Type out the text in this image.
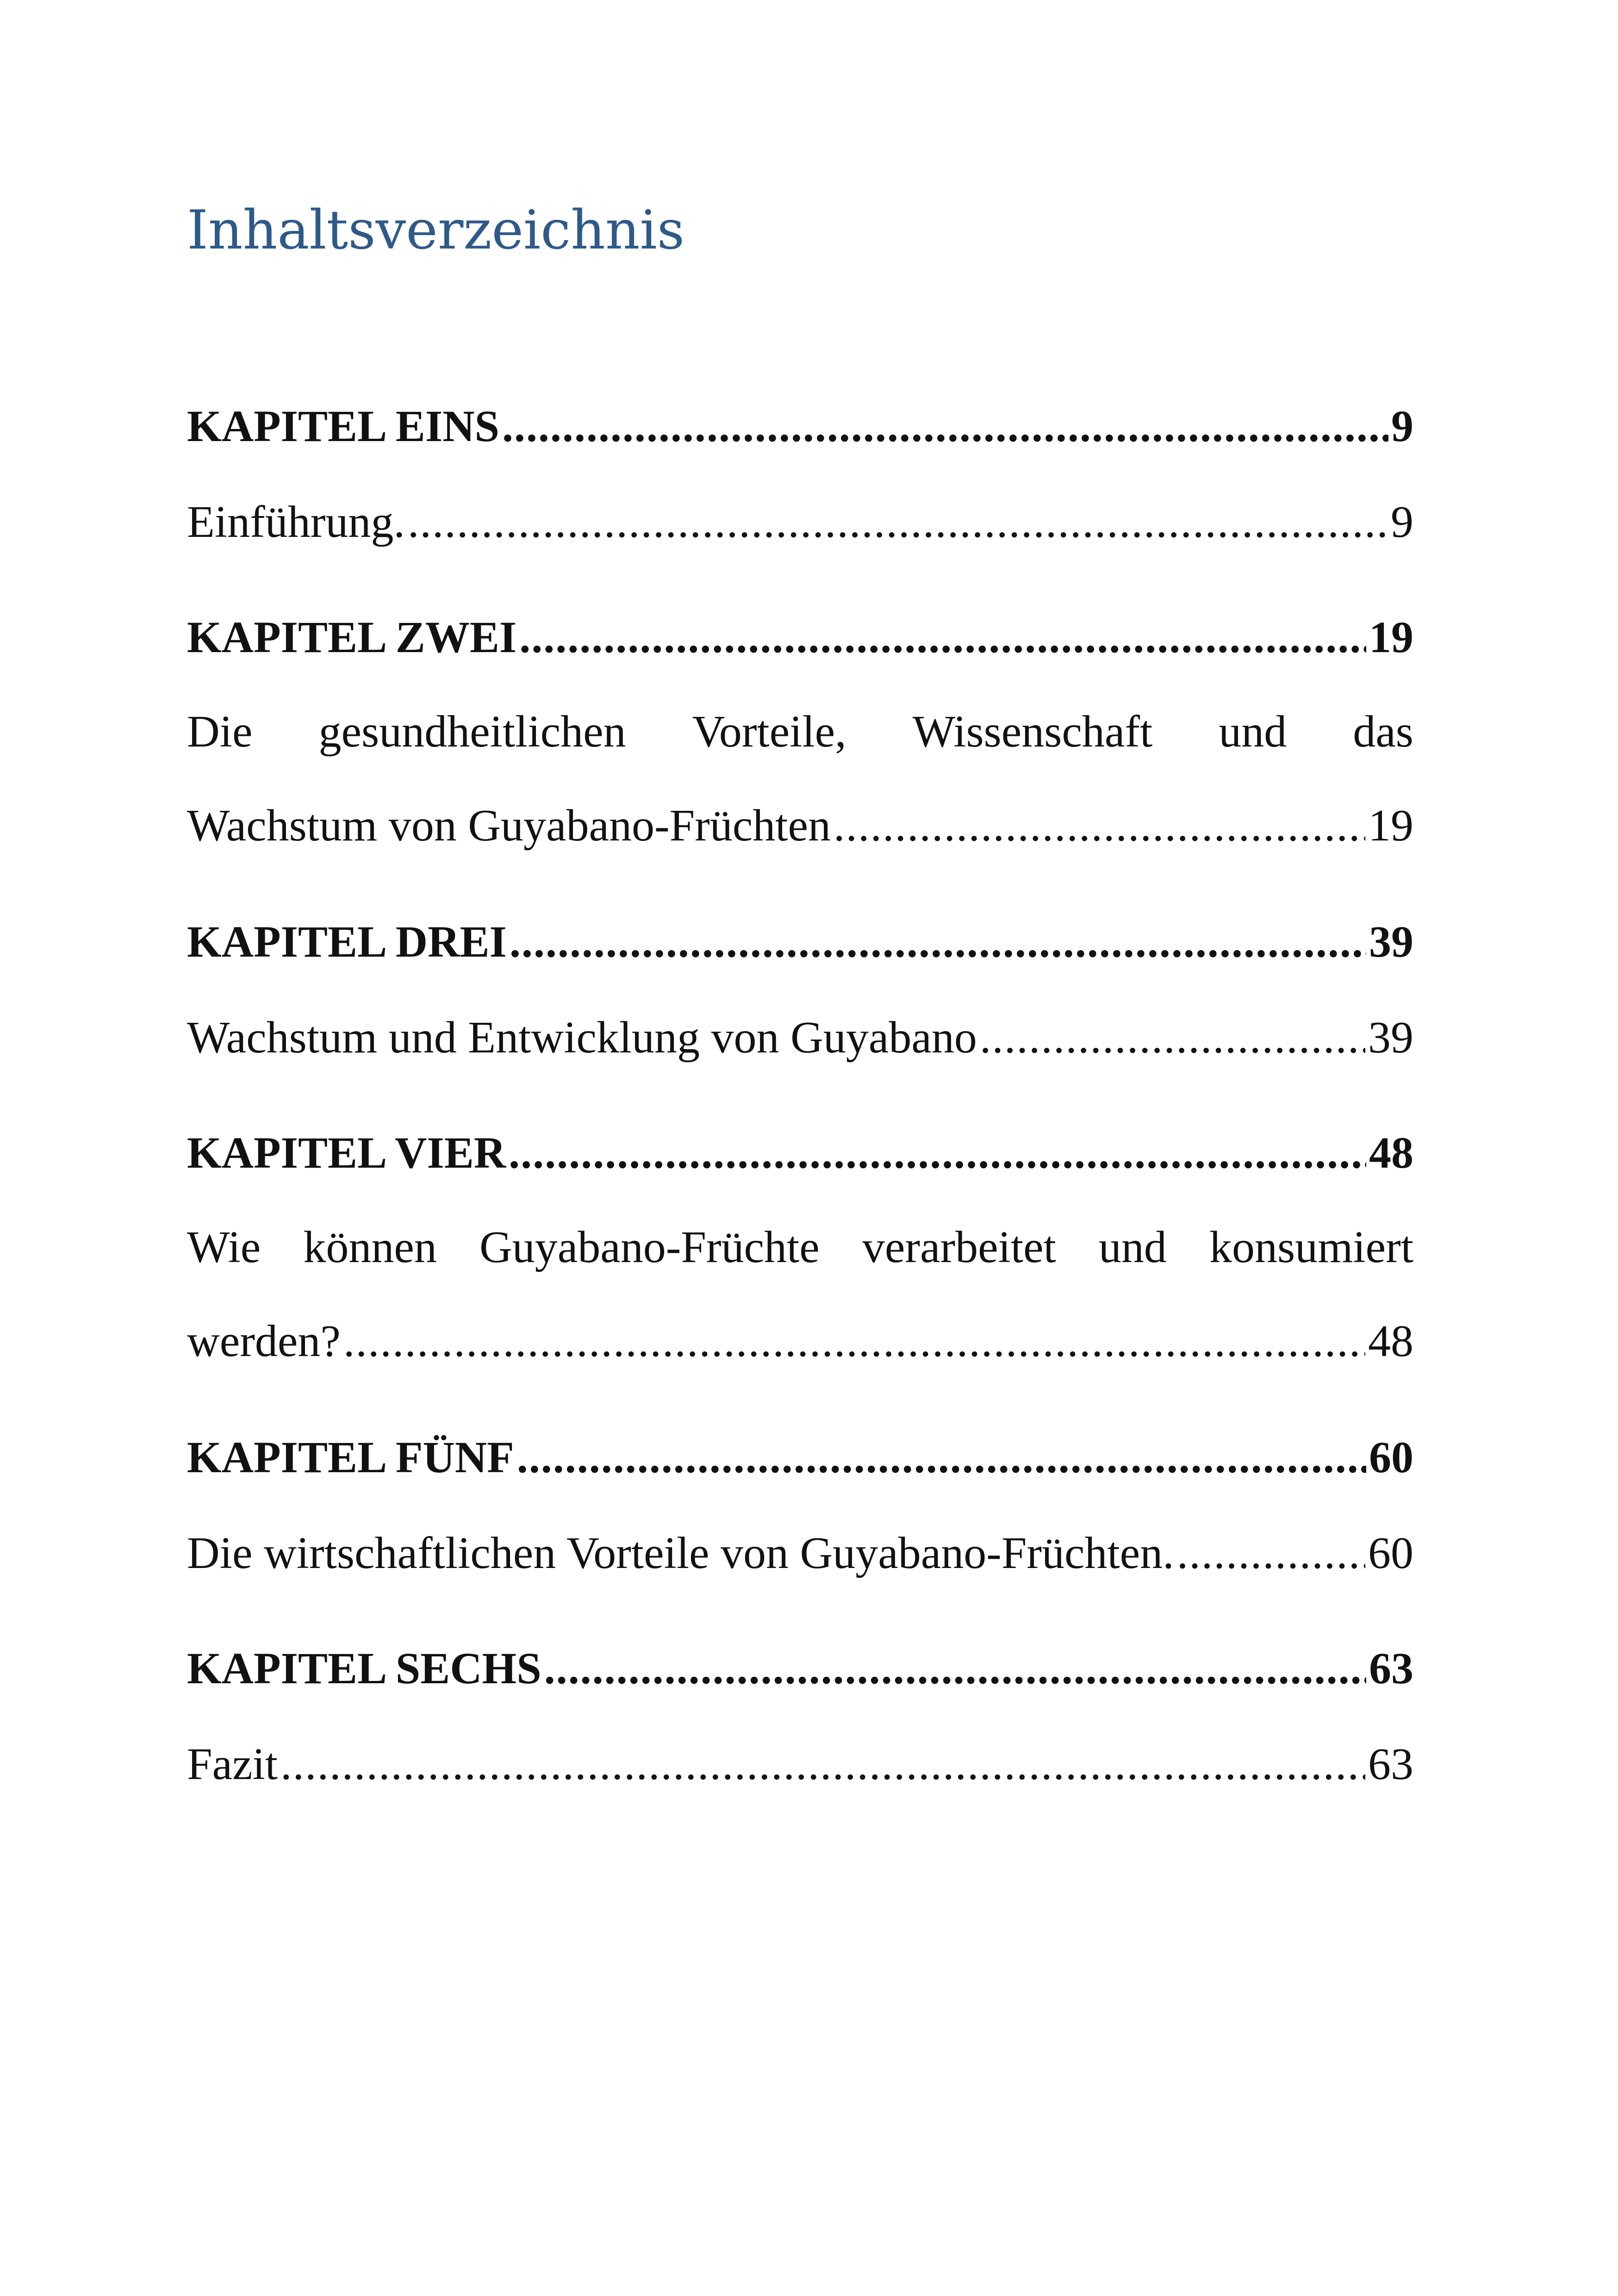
Inhaltsverzeichnis
KAPITEL EINS .....	9
Einführung. .....	9
KAPITEL ZWEI .....	19
Die gesundheitlichen Vorteile, Wissenschaft und das
Wachstum von Guyabano-Früchten .....	19
KAPITEL DREI .....	39
Wachstum und Entwicklung von Guyabano .....	39
KAPITEL VIER .....	48
Wie können Guyabano-Früchte verarbeitet und konsumiert
werden? .....	48
KAPITEL FÜNF .....	60
Die wirtschaftlichen Vorteile von Guyabano-Früchten. .....	60
KAPITEL SECHS .....	63
Fazit .....	63
